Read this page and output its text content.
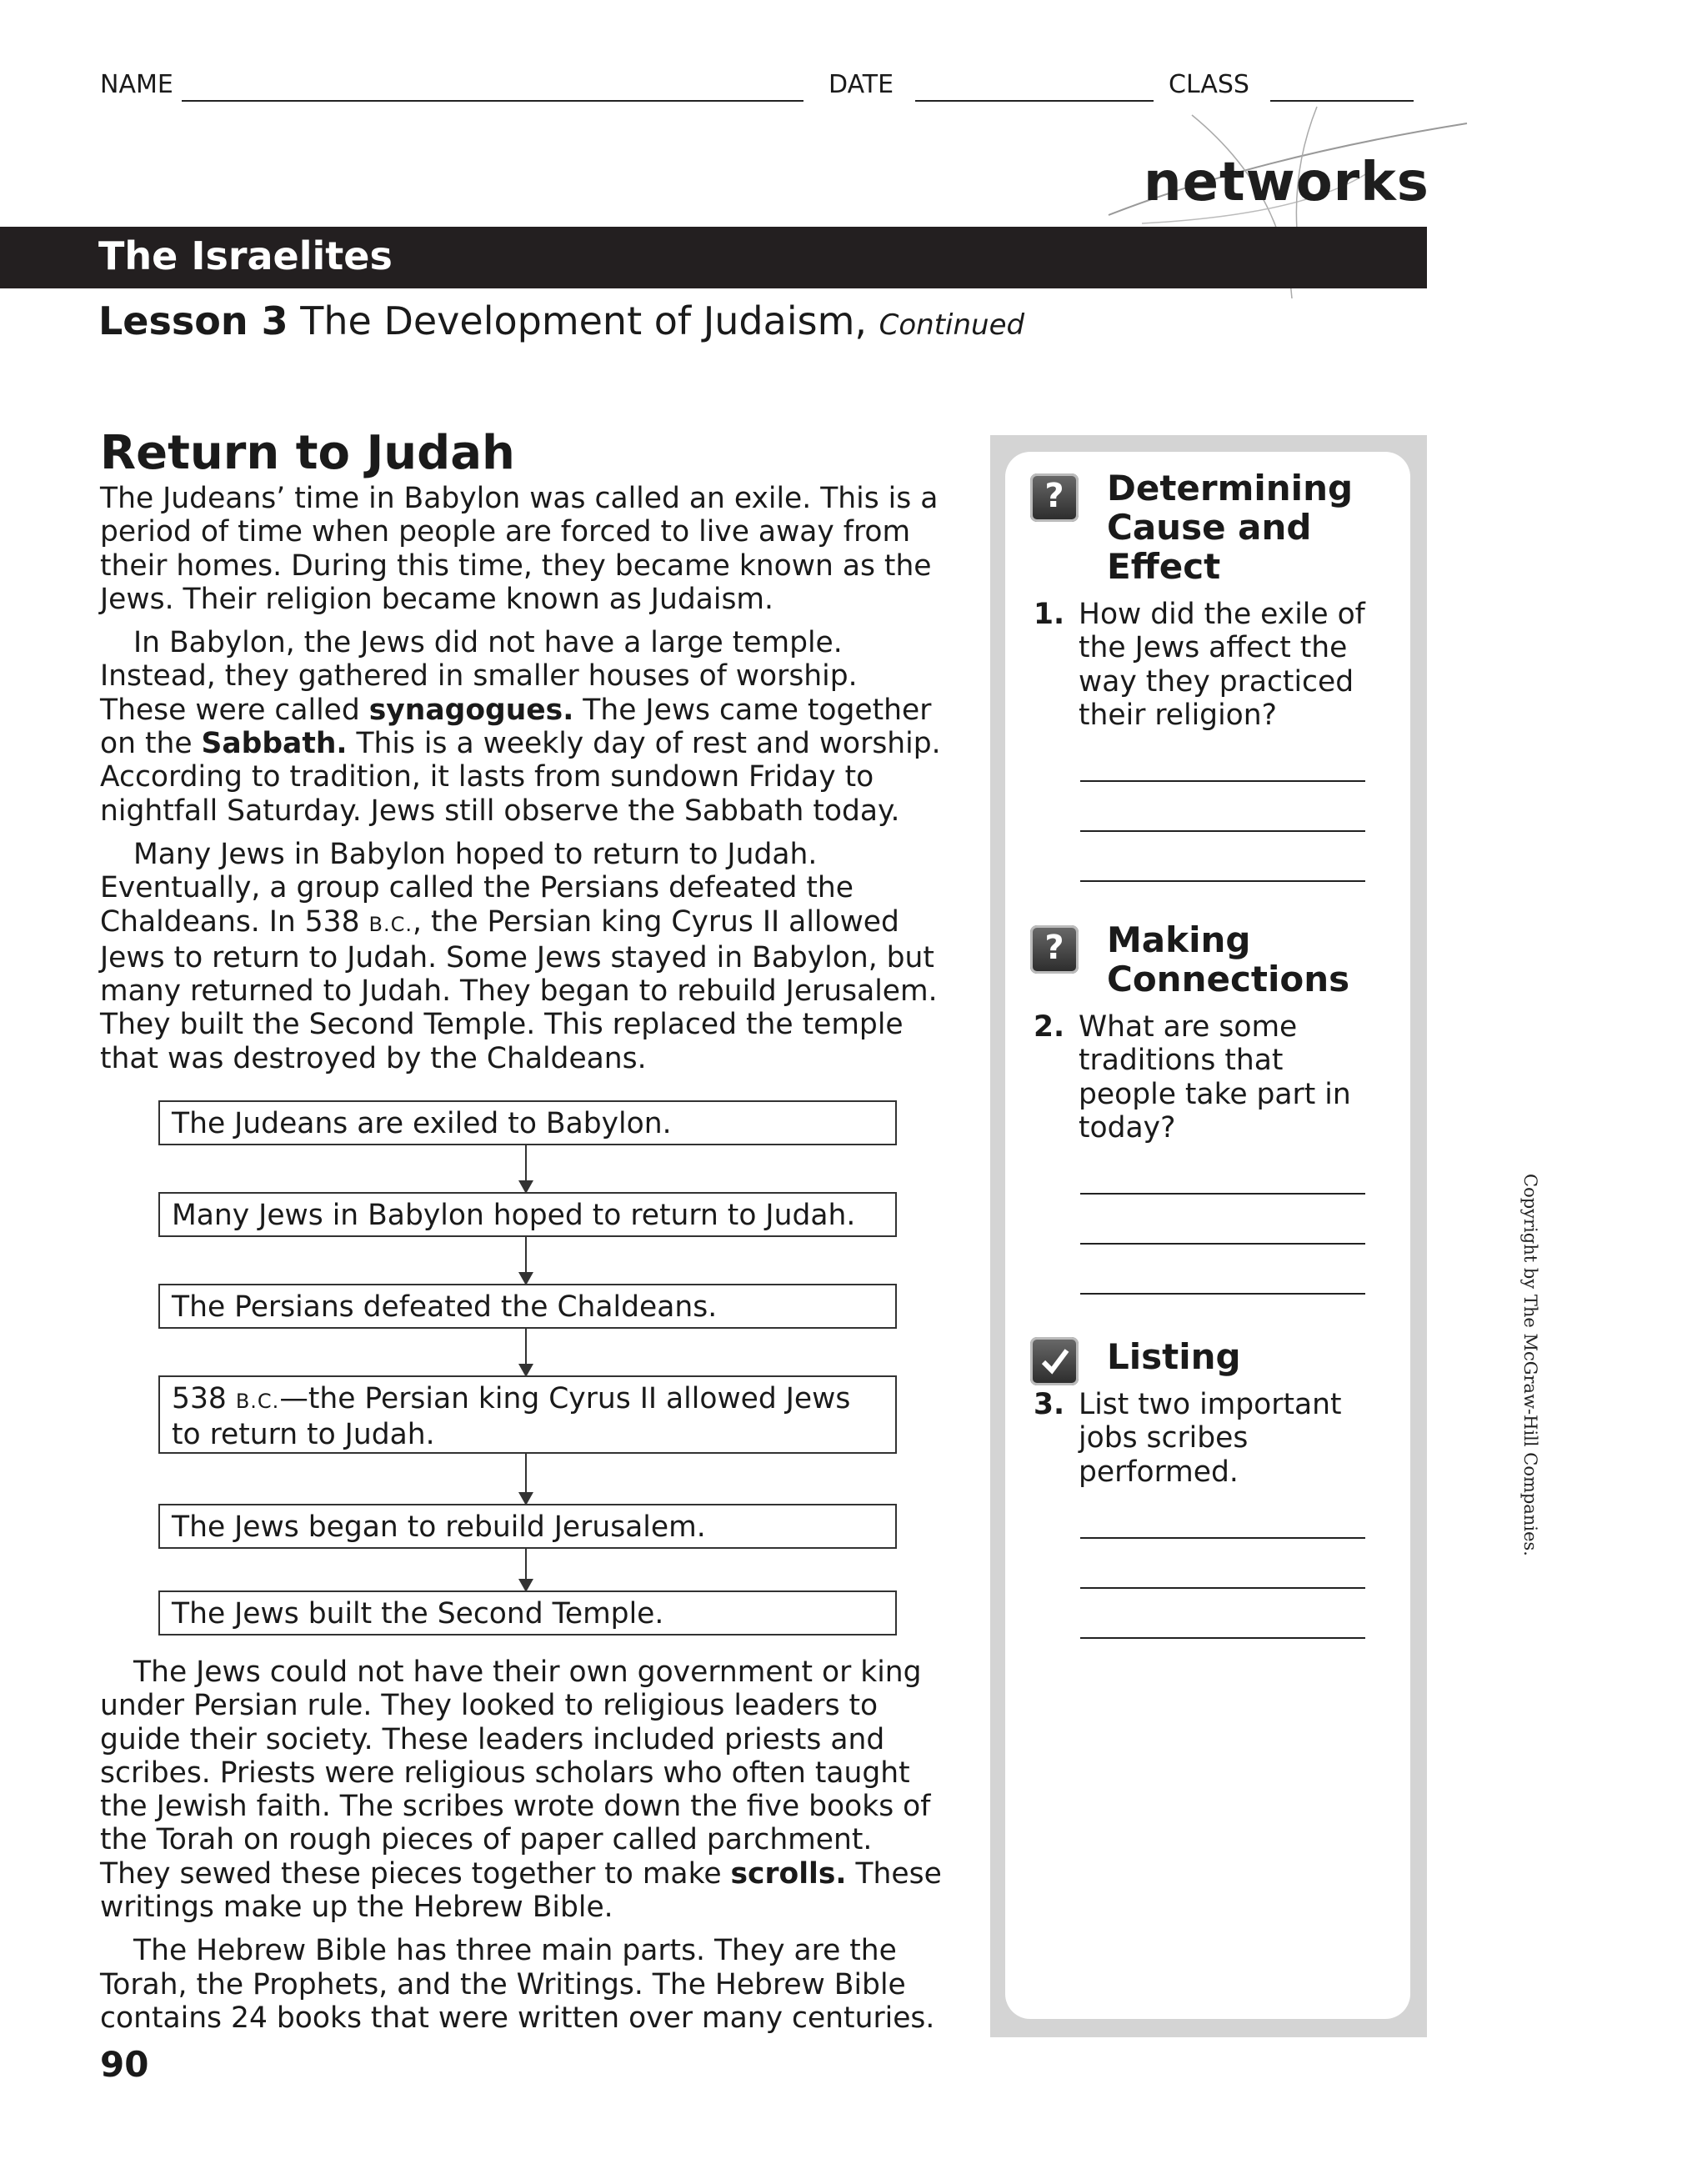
NAME	DATE	CLASS
networks
The Israelites
Lesson 3 The Development of Judaism, Continued
Return to Judah

The Judeans’ time in Babylon was called an exile. This is a period of time when people are forced to live away from their homes. During this time, they became known as the Jews. Their religion became known as Judaism.

In Babylon, the Jews did not have a large temple. Instead, they gathered in smaller houses of worship. These were called synagogues. The Jews came together on the Sabbath. This is a weekly day of rest and worship. According to tradition, it lasts from sundown Friday to nightfall Saturday. Jews still observe the Sabbath today.

Many Jews in Babylon hoped to return to Judah. Eventually, a group called the Persians defeated the Chaldeans. In 538 B.C., the Persian king Cyrus II allowed Jews to return to Judah. Some Jews stayed in Babylon, but many returned to Judah. They began to rebuild Jerusalem. They built the Second Temple. This replaced the temple that was destroyed by the Chaldeans.

The Judeans are exiled to Babylon.
Many Jews in Babylon hoped to return to Judah.
The Persians defeated the Chaldeans.
538 B.C.—the Persian king Cyrus II allowed Jews to return to Judah.
The Jews began to rebuild Jerusalem.
The Jews built the Second Temple.

The Jews could not have their own government or king under Persian rule. They looked to religious leaders to guide their society. These leaders included priests and scribes. Priests were religious scholars who often taught the Jewish faith. The scribes wrote down the five books of the Torah on rough pieces of paper called parchment. They sewed these pieces together to make scrolls. These writings make up the Hebrew Bible.

The Hebrew Bible has three main parts. They are the Torah, the Prophets, and the Writings. The Hebrew Bible contains 24 books that were written over many centuries.

90
?	Determining Cause and Effect
1. How did the exile of the Jews affect the way they practiced their religion?
?	Making Connections
2. What are some traditions that people take part in today?
Listing
3. List two important jobs scribes performed.	Copyright by The McGraw-Hill Companies.
